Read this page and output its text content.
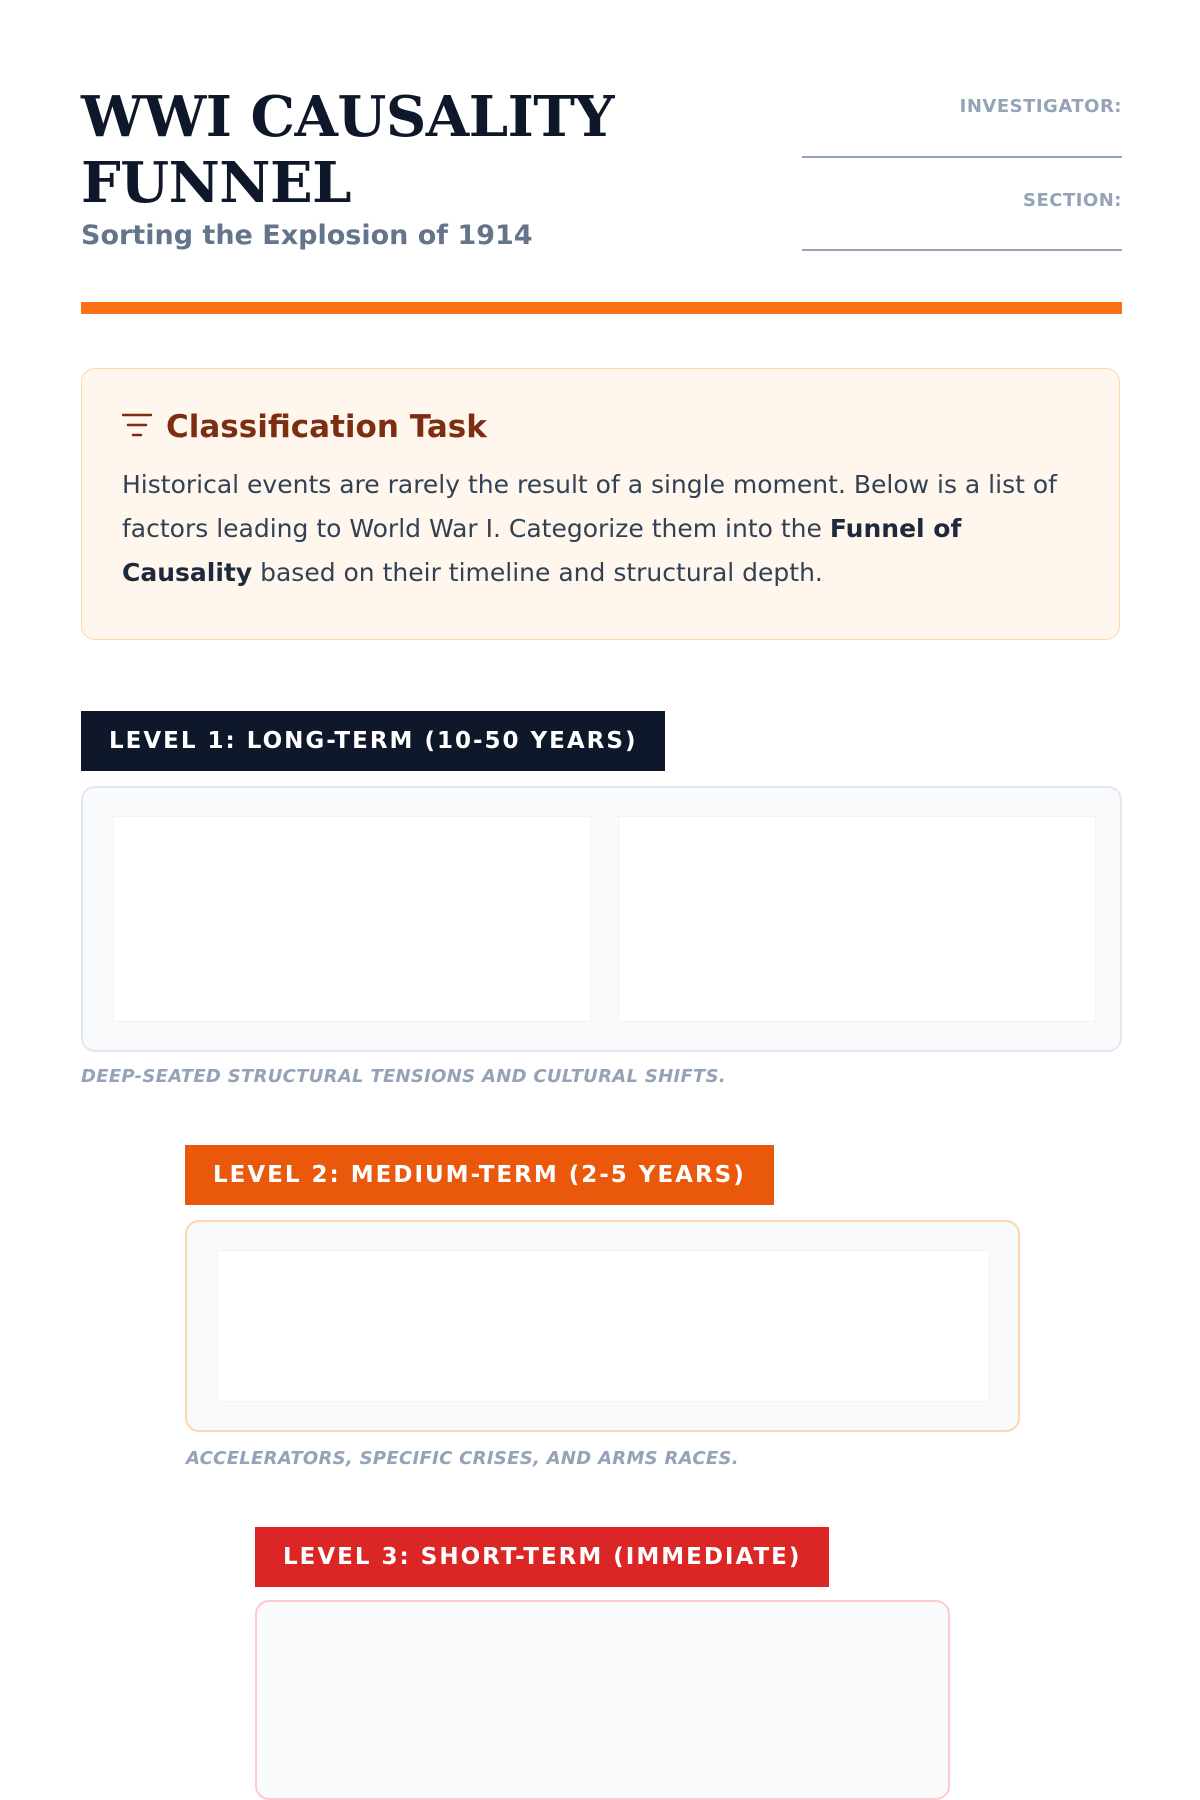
WWI CAUSALITY FUNNEL

Sorting the Explosion of 1914

INVESTIGATOR:
SECTION:
Classification Task

Historical events are rarely the result of a single moment. Below is a list of factors leading to World War I. Categorize them into the Funnel of Causality based on their timeline and structural depth.

LEVEL 1: LONG-TERM (10-50 YEARS)
DEEP-SEATED STRUCTURAL TENSIONS AND CULTURAL SHIFTS.
LEVEL 2: MEDIUM-TERM (2-5 YEARS)
ACCELERATORS, SPECIFIC CRISES, AND ARMS RACES.
LEVEL 3: SHORT-TERM (IMMEDIATE)
